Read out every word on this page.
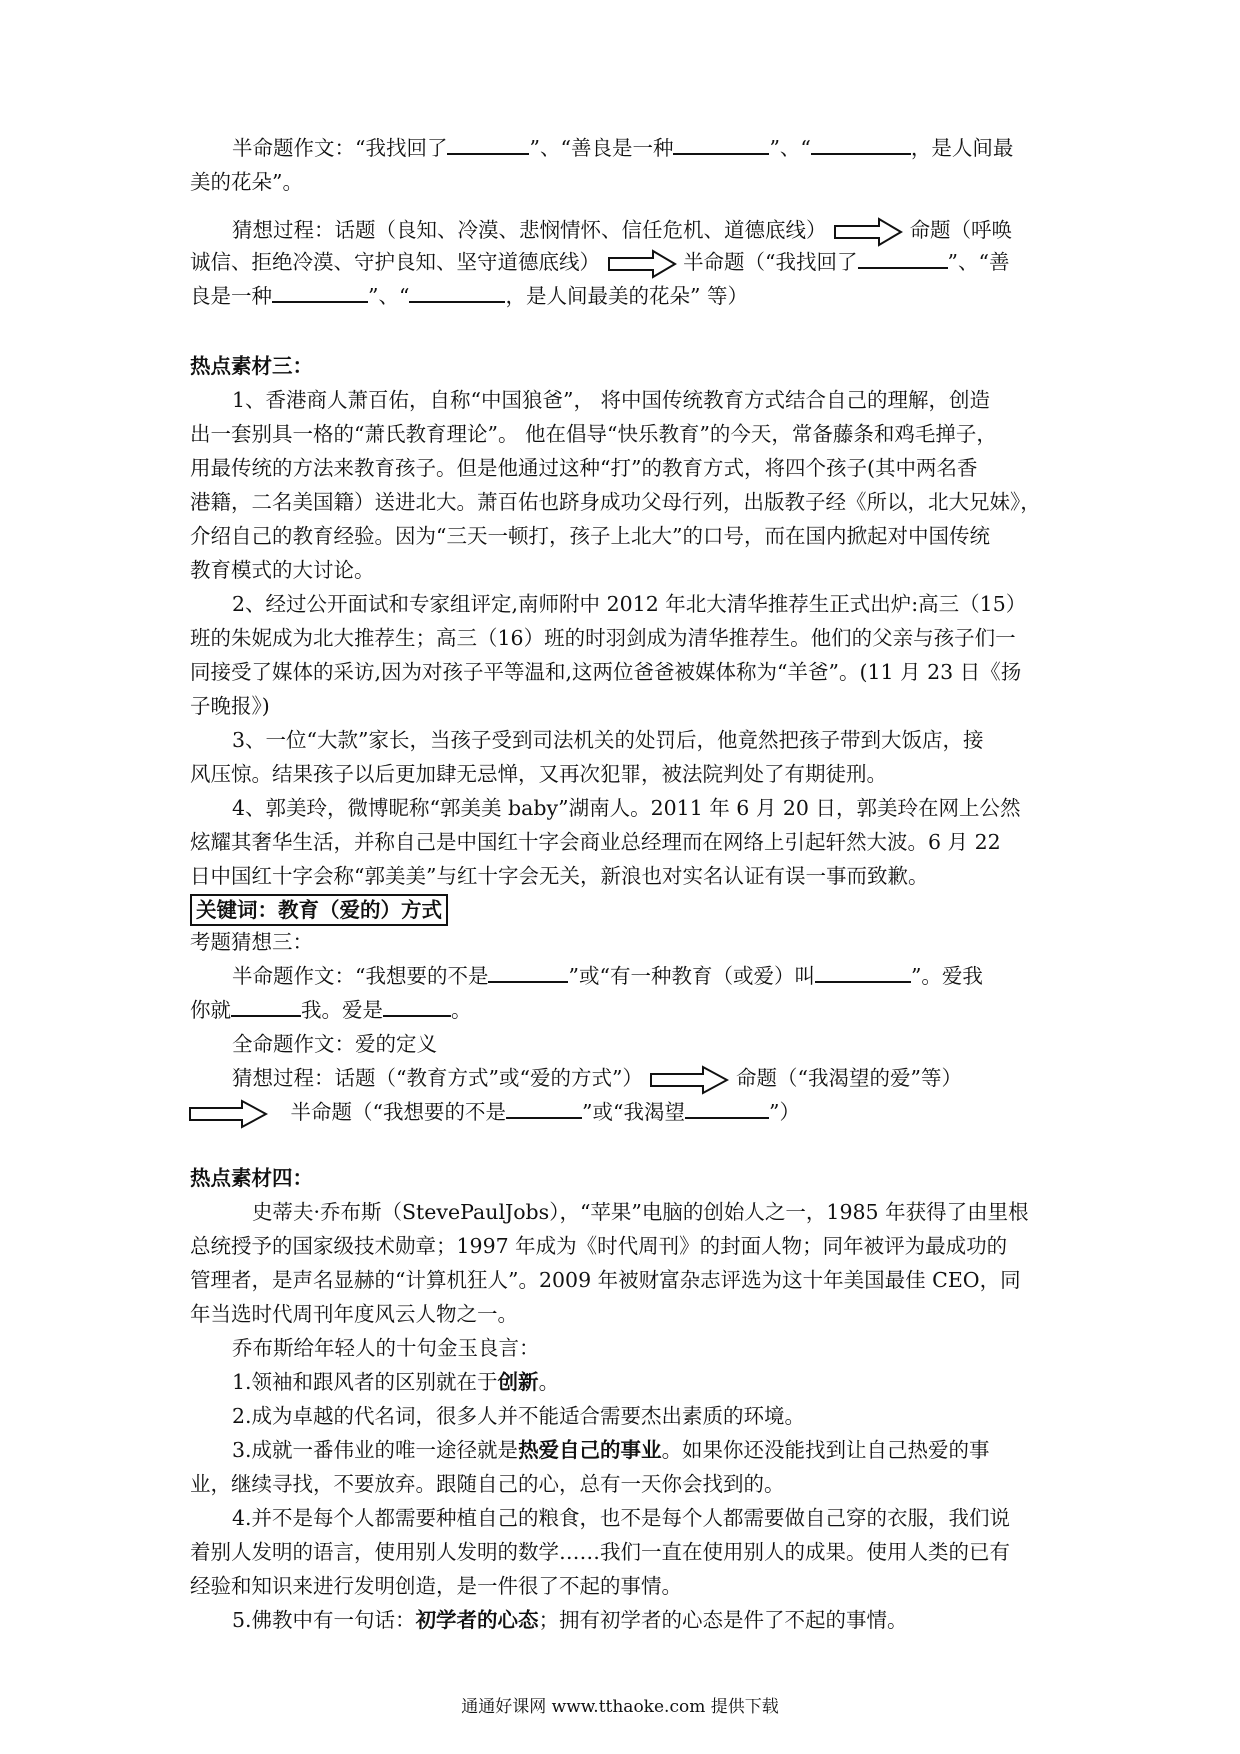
半命题作文：“我找回了	”、“善良是一种	”、“	，是人间最
美的花朵”。
猜想过程：话题（良知、冷漠、悲悯情怀、信任危机、道德底线）	命题（呼唤
诚信、拒绝冷漠、守护良知、坚守道德底线）	半命题（“我找回了	”、“善
良是一种	”、“	，是人间最美的花朵” 等）
热点素材三：
1、香港商人萧百佑，自称“中国狼爸”， 将中国传统教育方式结合自己的理解，创造
出一套别具一格的“萧氏教育理论”。 他在倡导“快乐教育”的今天，常备藤条和鸡毛掸子，
用最传统的方法来教育孩子。但是他通过这种“打”的教育方式，将四个孩子(其中两名香
港籍，二名美国籍）送进北大。萧百佑也跻身成功父母行列，出版教子经《所以，北大兄妹》，
介绍自己的教育经验。因为“三天一顿打，孩子上北大”的口号，而在国内掀起对中国传统
教育模式的大讨论。
2、经过公开面试和专家组评定,南师附中 2012 年北大清华推荐生正式出炉:高三（15）
班的朱妮成为北大推荐生；高三（16）班的时羽剑成为清华推荐生。他们的父亲与孩子们一
同接受了媒体的采访,因为对孩子平等温和,这两位爸爸被媒体称为“羊爸”。(11 月 23 日《扬
子晚报》)
3、一位“大款”家长，当孩子受到司法机关的处罚后，他竟然把孩子带到大饭店，接
风压惊。结果孩子以后更加肆无忌惮，又再次犯罪，被法院判处了有期徒刑。
4、郭美玲，微博昵称“郭美美 baby”湖南人。2011 年 6 月 20 日，郭美玲在网上公然
炫耀其奢华生活，并称自己是中国红十字会商业总经理而在网络上引起轩然大波。6 月 22
日中国红十字会称“郭美美”与红十字会无关，新浪也对实名认证有误一事而致歉。
关键词：教育（爱的）方式
考题猜想三：
半命题作文：“我想要的不是	”或“有一种教育（或爱）叫	”。爱我
你就	我。爱是	。
全命题作文：爱的定义
猜想过程：话题（“教育方式”或“爱的方式”）	命题（“我渴望的爱”等）
半命题（“我想要的不是	”或“我渴望	”）
热点素材四：
史蒂夫·乔布斯（StevePaulJobs），“苹果”电脑的创始人之一，1985 年获得了由里根
总统授予的国家级技术勋章；1997 年成为《时代周刊》的封面人物；同年被评为最成功的
管理者，是声名显赫的“计算机狂人”。2009 年被财富杂志评选为这十年美国最佳 CEO，同
年当选时代周刊年度风云人物之一。
乔布斯给年轻人的十句金玉良言：
1.领袖和跟风者的区别就在于创新。
2.成为卓越的代名词，很多人并不能适合需要杰出素质的环境。
3.成就一番伟业的唯一途径就是热爱自己的事业。如果你还没能找到让自己热爱的事
业，继续寻找，不要放弃。跟随自己的心，总有一天你会找到的。
4.并不是每个人都需要种植自己的粮食，也不是每个人都需要做自己穿的衣服，我们说
着别人发明的语言，使用别人发明的数学……我们一直在使用别人的成果。使用人类的已有
经验和知识来进行发明创造，是一件很了不起的事情。
5.佛教中有一句话：初学者的心态；拥有初学者的心态是件了不起的事情。
通通好课网 www.tthaoke.com 提供下载
